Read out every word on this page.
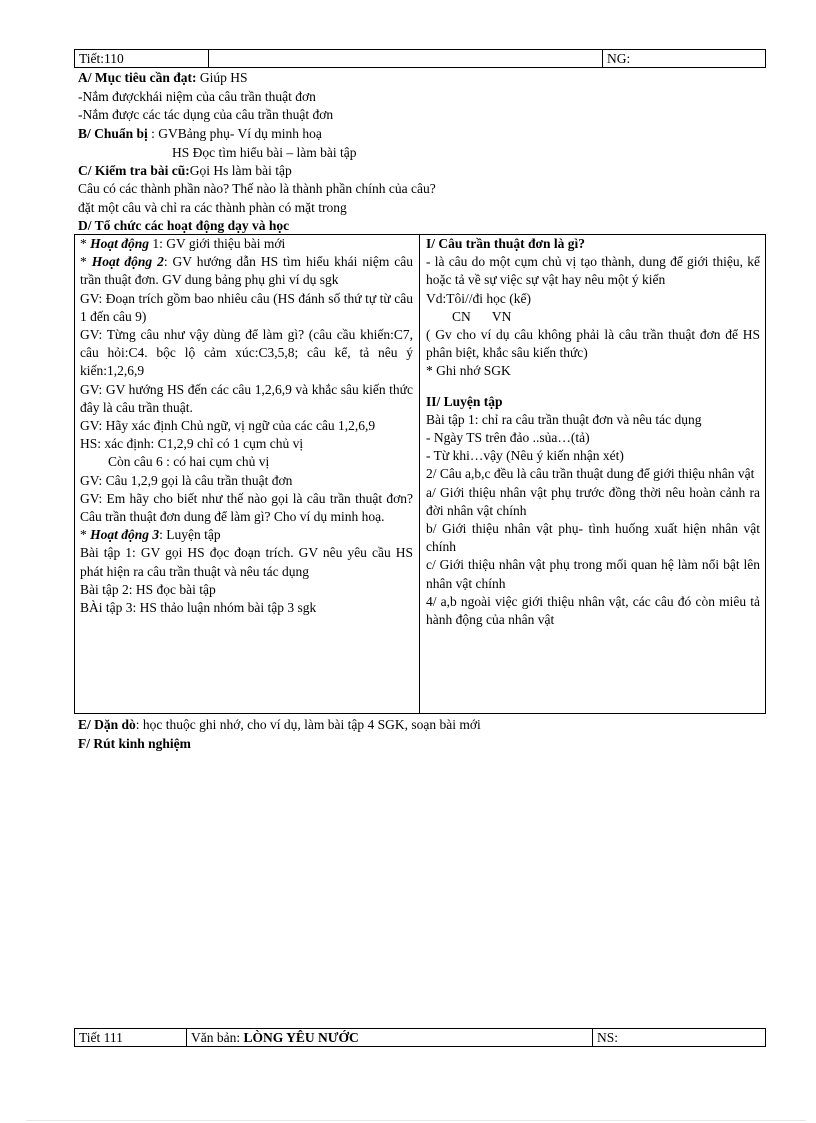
Tiết:110		NG:
A/ Mục tiêu cần đạt: Giúp HS
-Nắm đượckhái niệm của câu trần thuật đơn
-Nắm được các tác dụng của câu trần thuật đơn
B/ Chuẩn bị : GVBảng phụ- Ví dụ minh hoạ
HS Đọc tìm hiểu bài – làm bài tập
C/ Kiểm tra bài cũ:Gọi Hs làm bài tập
Câu có các thành phần nào? Thế nào là thành phần chính của câu?
đặt một câu và chỉ ra các thành phàn có mặt trong
D/ Tổ chức các hoạt động dạy và học

* Hoạt động 1: GV giới thiệu bài mới

* Hoạt động 2: GV hướng dẫn HS tìm hiểu khái niệm câu trần thuật đơn. GV dung bảng phụ ghi ví dụ sgk

GV: Đoạn trích gồm bao nhiêu câu (HS đánh số thứ tự từ câu 1 đến câu 9)

GV: Từng câu như vậy dùng để làm gì? (câu cầu khiến:C7, câu hỏi:C4. bộc lộ cảm xúc:C3,5,8; câu kể, tả nêu ý kiến:1,2,6,9

GV: GV hướng HS đến các câu 1,2,6,9 và khắc sâu kiến thức đây là câu trần thuật.

GV: Hãy xác định Chủ ngữ, vị ngữ của các câu 1,2,6,9

HS: xác định: C1,2,9 chỉ có 1 cụm chủ vị

Còn câu 6 : có hai cụm chủ vị

GV: Câu 1,2,9 gọi là câu trần thuật đơn

GV: Em hãy cho biết như thế nào gọi là câu trần thuật đơn? Câu trần thuật đơn dung để làm gì? Cho ví dụ minh hoạ.

* Hoạt động 3: Luyện tập

Bài tập 1: GV gọi HS đọc đoạn trích. GV nêu yêu cầu HS phát hiện ra câu trần thuật và nêu tác dụng

Bài tập 2: HS đọc bài tập

BÀi tập 3: HS thảo luận nhóm bài tập 3 sgk

I/ Câu trần thuật đơn là gì?

- là câu do một cụm chủ vị tạo thành, dung để giới thiệu, kể hoặc tả về sự việc sự vật hay nêu một ý kiến

Vd:Tôi//đi học (kể)

CN VN

( Gv cho ví dụ câu không phải là câu trần thuật đơn để HS phân biệt, khắc sâu kiến thức)

* Ghi nhớ SGK

II/ Luyện tập

Bài tập 1: chỉ ra câu trần thuật đơn và nêu tác dụng

- Ngày TS trên đảo ..sủa…(tả)

- Từ khi…vậy (Nêu ý kiến nhận xét)

2/ Câu a,b,c đều là câu trần thuật dung để giới thiệu nhân vật

a/ Giới thiệu nhân vật phụ trước đồng thời nêu hoàn cảnh ra đời nhân vật chính

b/ Giới thiệu nhân vật phụ- tình huống xuất hiện nhân vật chính

c/ Giới thiệu nhân vật phụ trong mối quan hệ làm nổi bật lên nhân vật chính

4/ a,b ngoài việc giới thiệu nhân vật, các câu đó còn miêu tả hành động của nhân vật

E/ Dặn dò: học thuộc ghi nhớ, cho ví dụ, làm bài tập 4 SGK, soạn bài mới
F/ Rút kinh nghiệm
Tiết 111	Văn bản: LÒNG YÊU NƯỚC	NS:
